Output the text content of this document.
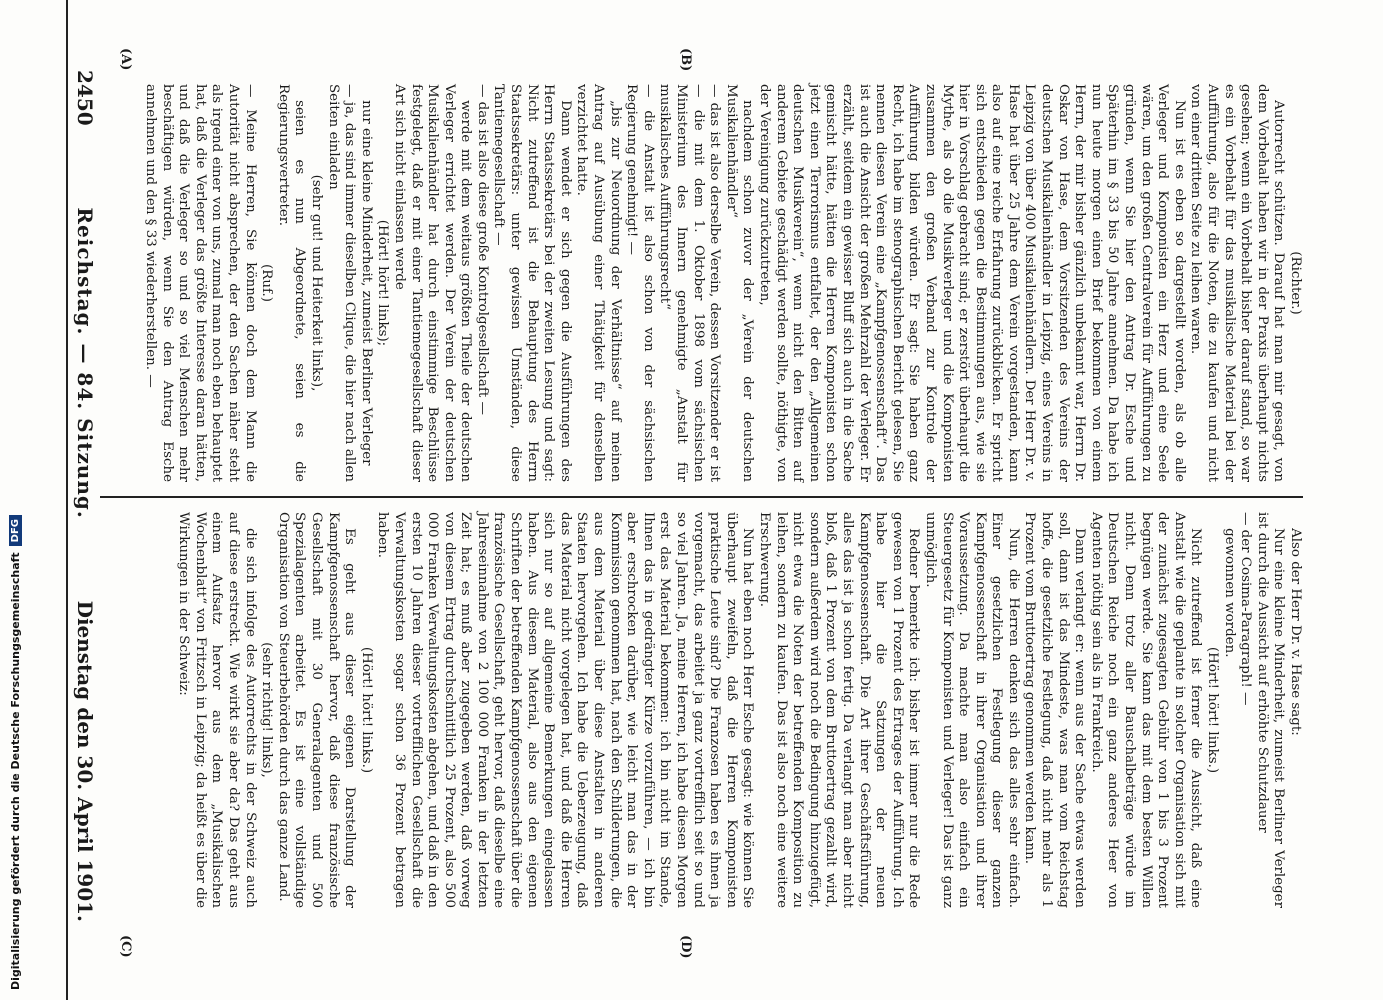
2450
Reichstag. — 84. Sitzung.
Dienstag den 30. April 1901.

(Richter.)

Autorrecht schützen. Darauf hat man mir gesagt, von dem Vorbehalt haben wir in der Praxis überhaupt nichts gesehen; wenn ein Vorbehalt bisher darauf stand, so war es ein Vorbehalt für das musikalische Material bei der Aufführung, also für die Noten, die zu kaufen und nicht von einer dritten Seite zu leihen waren.

Nun ist es eben so dargestellt worden, als ob alle Verleger und Komponisten ein Herz und eine Seele wären, um den großen Centralverein für Aufführungen zu gründen, wenn Sie hier den Antrag Dr. Esche und Späterhin im § 33 bis 50 Jahre annehmen. Da habe ich nun heute morgen einen Brief bekommen von einem Herrn, der mir bisher gänzlich unbekannt war, Herrn Dr. Oskar von Hase, dem Vorsitzenden des Vereins der deutschen Musikalienhändler in Leipzig, eines Vereins in Leipzig von über 400 Musikalienhändlern. Der Herr Dr. v. Hase hat über 25 Jahre dem Verein vorgestanden, kann also auf eine reiche Erfahrung zurückblicken. Er spricht sich entschieden gegen die Bestimmungen aus, wie sie hier in Vorschlag gebracht sind; er zerstört überhaupt die Mythe, als ob die Musikverleger und die Komponisten zusammen den großen Verband zur Kontrole der Aufführung bilden würden. Er sagt: Sie haben ganz Recht, ich habe im stenographischen Bericht gelesen, Sie nennen diesen Verein eine „Kampfgenossenschaft“. Das ist auch die Ansicht der großen Mehrzahl der Verleger. Er erzählt, seitdem ein gewisser Bluff sich auch in die Sache gemischt hätte, hätten die Herren Komponisten schon jetzt einen Terrorismus entfaltet, der den „Allgemeinen deutschen Musikverein“, wenn nicht den Bitten auf anderem Gebiete geschädigt werden sollte, nöthigte, von der Vereinigung zurückzutreten,

nachdem schon zuvor der „Verein der deutschen Musikalienhändler“

— das ist also derselbe Verein, dessen Vorsitzender er ist — die mit dem 1. Oktober 1898 vom sächsischen Ministerium des Innern genehmigte „Anstalt für musikalisches Aufführungsrecht“

— die Anstalt ist also schon von der sächsischen Regierung genehmigt! —

„bis zur Neuordnung der Verhältnisse“ auf meinen Antrag auf Ausübung einer Thätigkeit für denselben verzichtet hatte.

Dann wendet er sich gegen die Ausführungen des Herrn Staatssekretärs bei der zweiten Lesung und sagt: Nicht zutreffend ist die Behauptung des Herrn Staatssekretärs: unter gewissen Umständen, diese Tantiemegesellschaft —

— das ist also diese große Kontrolgesellschaft —

werde mit dem weitaus größten Theile der deutschen Verleger errichtet werden. Der Verein der deutschen Musikalienhändler hat durch einstimmige Beschlüsse festgelegt, daß er mit einer Tantiemegesellschaft dieser Art sich nicht einlassen werde

(Hört! hört! links);

nur eine kleine Minderheit, zumeist Berliner Verleger

— ja, das sind immer dieselben Clique, die hier nach allen Seiten einladen

(sehr gut! und Heiterkeit links),

seien es nun Abgeordnete, seien es die Regierungsvertreter.

(Ruf.)

— Meine Herren, Sie können doch dem Mann die Autorität nicht absprechen, der den Sachen näher steht als irgend einer von uns, zumal man noch eben behauptet hat, daß die Verleger das größte Interesse daran hätten, und daß die Verleger so und so viel Menschen mehr beschäftigen würden, wenn Sie den Antrag Esche annehmen und den § 33 wiederherstellen. —

Also der Herr Dr. v. Hase sagt:

Nur eine kleine Minderheit, zumeist Berliner Verleger ist durch die Aussicht auf erhöhte Schutzdauer

— der Cosima-Paragraph! —

gewonnen worden.

(Hört! hört! links.)

Nicht zutreffend ist ferner die Aussicht, daß eine Anstalt wie die geplante in solcher Organisation sich mit der zunächst zugesagten Gebühr von 1 bis 3 Prozent begnügen werde. Sie kann das mit dem besten Willen nicht. Denn trotz aller Bauschalbeträge würde im Deutschen Reiche noch ein ganz anderes Heer von Agenten nöthig sein als in Frankreich.

Dann verlangt er: wenn aus der Sache etwas werden soll, dann ist das Mindeste, was man vom Reichstag hoffe, die gesetzliche Festlegung, daß nicht mehr als 1 Prozent vom Bruttoertrag genommen werden kann.

Nun, die Herren denken sich das alles sehr einfach. Einer gesetzlichen Festlegung dieser ganzen Kampfgenossenschaft in ihrer Organisation und ihrer Voraussetzung. Da machte man also einfach ein Steuergesetz für Komponisten und Verleger! Das ist ganz unmöglich.

Redner bemerkte ich: bisher ist immer nur die Rede gewesen von 1 Prozent des Ertrages der Aufführung. Ich habe hier die Satzungen der neuen Kampfgenossenschaft. Die Art ihrer Geschäftsführung, alles das ist ja schon fertig. Da verlangt man aber nicht bloß, daß 1 Prozent von dem Bruttoertrag gezahlt wird, sondern außerdem wird noch die Bedingung hinzugefügt, nicht etwa die Noten der betreffenden Komposition zu leihen, sondern zu kaufen. Das ist also noch eine weitere Erschwerung.

Nun hat eben noch Herr Esche gesagt: wie können Sie überhaupt zweifeln, daß die Herren Komponisten praktische Leute sind? Die Franzosen haben es ihnen ja vorgemacht, das arbeitet ja ganz vortrefflich seit so und so viel Jahren. Ja, meine Herren, ich habe diesen Morgen erst das Material bekommen: ich bin nicht im Stande, Ihnen das in gedrängter Kürze vorzuführen, — ich bin aber erschrocken darüber, wie leicht man das in der Kommission genommen hat, nach den Schilderungen, die aus dem Material über diese Anstalten in anderen Staaten hervorgehen. Ich habe die Ueberzeugung, daß das Material nicht vorgelegen hat, und daß die Herren sich nur so auf allgemeine Bemerkungen eingelassen haben. Aus diesem Material, also aus den eigenen Schriften der betreffenden Kampfgenossenschaft über die französische Gesellschaft, geht hervor, daß dieselbe eine Jahreseinnahme von 2 100 000 Franken in der letzten Zeit hat; es muß aber zugegeben werden, daß vorweg von diesem Ertrag durchschnittlich 25 Prozent, also 500 000 Franken Verwaltungskosten abgehen, und daß in den ersten 10 Jahren dieser vortrefflichen Gesellschaft die Verwaltungskosten sogar schon 36 Prozent betragen haben.

(Hört! hört! links.)

Es geht aus dieser eigenen Darstellung der Kampfgenossenschaft hervor, daß diese französische Gesellschaft mit 30 Generalagenten und 500 Spezialagenten arbeitet. Es ist eine vollständige Organisation von Steuerbehörden durch das ganze Land.

(sehr richtig! links),

die sich infolge des Autorrechts in der Schweiz auch auf diese erstreckt. Wie wirkt sie aber da? Das geht aus einem Aufsatz hervor aus dem „Musikalischen Wochenblatt“ von Fritzsch in Leipzig; da heißt es über die Wirkungen in der Schweiz:

(A)	(B)
(C)	(D)
Digitalisierung gefördert durch die Deutsche Forschungsgemeinschaft
DFG
